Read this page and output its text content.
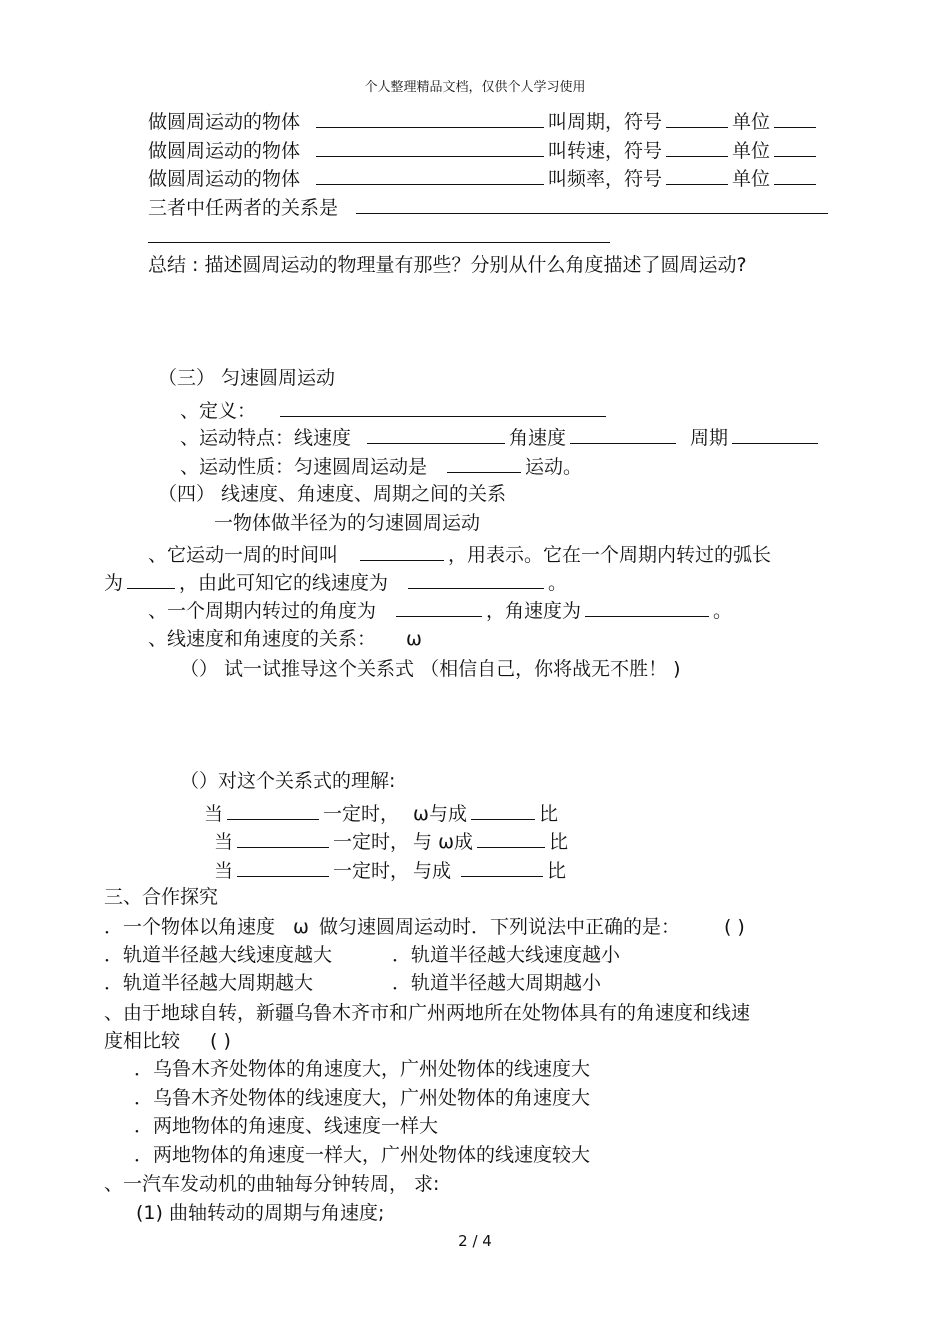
个人整理精品文档，仅供个人学习使用
做圆周运动的物体	叫周期，符号	单位
做圆周运动的物体	叫转速，符号	单位
做圆周运动的物体	叫频率，符号	单位
三者中任两者的关系是
总结 : 描述圆周运动的物理量有那些？分别从什么角度描述了圆周运动?
（三） 匀速圆周运动
、定义：
、运动特点：线速度	角速度	周期
、运动性质：匀速圆周运动是	运动。
（四） 线速度、角速度、周期之间的关系
一物体做半径为的匀速圆周运动
、它运动一周的时间叫	，用表示。它在一个周期内转过的弧长
为	，由此可知它的线速度为	。
、一个周期内转过的角度为	，角速度为	。
、线速度和角速度的关系： ω
（） 试一试推导这个关系式 （相信自己，你将战无不胜！ )
（）对这个关系式的理解:
当	一定时， ω与成	比
当	一定时， 与 ω成	比
当	一定时， 与成	比
三、合作探究
．一个物体以角速度 ω 做匀速圆周运动时．下列说法中正确的是： ( )
．轨道半径越大线速度越大	．轨道半径越大线速度越小
．轨道半径越大周期越大	．轨道半径越大周期越小
、由于地球自转，新疆乌鲁木齐市和广州两地所在处物体具有的角速度和线速
度相比较 ( )
．乌鲁木齐处物体的角速度大，广州处物体的线速度大
．乌鲁木齐处物体的线速度大，广州处物体的角速度大
．两地物体的角速度、线速度一样大
．两地物体的角速度一样大，广州处物体的线速度较大
、一汽车发动机的曲轴每分钟转周， 求:
(1) 曲轴转动的周期与角速度;
2 / 4
